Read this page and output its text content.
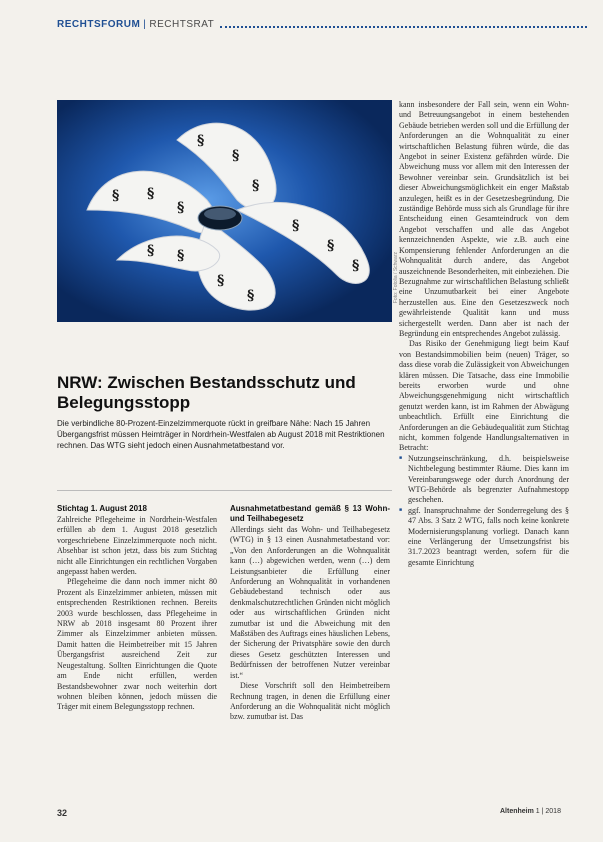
RECHTSFORUM | RECHTSRAT
§
§
§
§ §
§
§
§
§
§
§
§ §	Foto: Fotolia / Schwarz
NRW: Zwischen Bestandsschutz und Belegungsstopp
Die verbindliche 80-Prozent-Einzelzimmerquote rückt in greifbare Nähe: Nach 15 Jahren Übergangsfrist müssen Heimträger in Nordrhein-Westfalen ab August 2018 mit Restriktionen rechnen. Das WTG sieht jedoch einen Ausnahmetatbestand vor.
Stichtag 1. August 2018

Zahlreiche Pflegeheime in Nordrhein-Westfalen erfüllen ab dem 1. August 2018 gesetzlich vorgeschriebene Einzelzimmerquote noch nicht. Absehbar ist schon jetzt, dass bis zum Stichtag nicht alle Einrichtungen ein rechtlichen Vorgaben angepasst haben werden.

Pflegeheime die dann noch immer nicht 80 Prozent als Einzelzimmer anbieten, müssen mit entsprechenden Restriktionen rechnen. Bereits 2003 wurde beschlossen, dass Pflegeheime in NRW ab 2018 insgesamt 80 Prozent ihrer Zimmer als Einzelzimmer anbieten müssen. Damit hatten die Heimbetreiber mit 15 Jahren Übergangsfrist ausreichend Zeit zur Neugestaltung. Sollten Einrichtungen die Quote am Ende nicht erfüllen, werden Bestandsbewohner zwar noch weiterhin dort wohnen bleiben können, jedoch müssen die Träger mit einem Belegungsstopp rechnen.

Ausnahmetatbestand gemäß § 13 Wohn- und Teilhabegesetz

Allerdings sieht das Wohn- und Teilhabegesetz (WTG) in § 13 einen Ausnahmetatbestand vor: „Von den Anforderungen an die Wohnqualität kann (…) abgewichen werden, wenn (…) dem Leistungsanbieter die Erfüllung einer Anforderung an Wohnqualität in vorhandenen Gebäudebestand technisch oder aus denkmalschutzrechtlichen Gründen nicht möglich oder aus wirtschaftlichen Gründen nicht zumutbar ist und die Abweichung mit den Maßstäben des Auftrags eines häuslichen Lebens, der Sicherung der Privatsphäre sowie den durch dieses Gesetz geschützten Interessen und Bedürfnissen der betroffenen Nutzer vereinbar ist.“

Diese Vorschrift soll den Heimbetreibern Rechnung tragen, in denen die Erfüllung einer Anforderung an die Wohnqualität nicht möglich bzw. zumutbar ist. Das

kann insbesondere der Fall sein, wenn ein Wohn- und Betreuungsangebot in einem bestehenden Gebäude betrieben werden soll und die Erfüllung der Anforderungen an die Wohnqualität zu einer wirtschaftlichen Belastung führen würde, die das Angebot in seiner Existenz gefährden würde. Die Abweichung muss vor allem mit den Interessen der Bewohner vereinbar sein. Grundsätzlich ist bei dieser Abweichungsmöglichkeit ein enger Maßstab anzulegen, heißt es in der Gesetzesbegründung. Die zuständige Behörde muss sich als Grundlage für ihre Entscheidung einen Gesamteindruck von dem Angebot verschaffen und alle das Angebot kennzeichnenden Aspekte, wie z.B. auch eine Kompensierung fehlender Anforderungen an die Wohnqualität durch andere, das Angebot auszeichnende Besonderheiten, mit einbeziehen. Die Bezugnahme zur wirtschaftlichen Belastung schließt eine Unzumutbarkeit bei einer Angebote herzustellen aus. Eine den Gesetzeszweck noch gewährleistende Qualität kann und muss sichergestellt werden. Dann aber ist nach der Begründung ein entsprechendes Angebot zulässig.

Das Risiko der Genehmigung liegt beim Kauf von Bestandsimmobilien beim (neuen) Träger, so dass diese vorab die Zulässigkeit von Abweichungen klären müssen. Die Tatsache, dass eine Immobilie bereits erworben wurde und ohne Abweichungsgenehmigung nicht wirtschaftlich genutzt werden kann, ist im Rahmen der Abwägung unbeachtlich. Erfüllt eine Einrichtung die Anforderungen an die Gebäudequalität zum Stichtag nicht, kommen folgende Handlungsalternativen in Betracht:

■ Nutzungseinschränkung, d.h. beispielsweise Nichtbelegung bestimmter Räume. Dies kann im Vereinbarungswege oder durch Anordnung der WTG-Behörde als begrenzter Aufnahmestopp geschehen.
■ ggf. Inanspruchnahme der Sonderregelung des § 47 Abs. 3 Satz 2 WTG, falls noch keine konkrete Modernisierungsplanung vorliegt. Danach kann eine Verlängerung der Umsetzungsfrist bis 31.7.2023 beantragt werden, sofern für die gesamte Einrichtung
32	Altenheim 1 | 2018
